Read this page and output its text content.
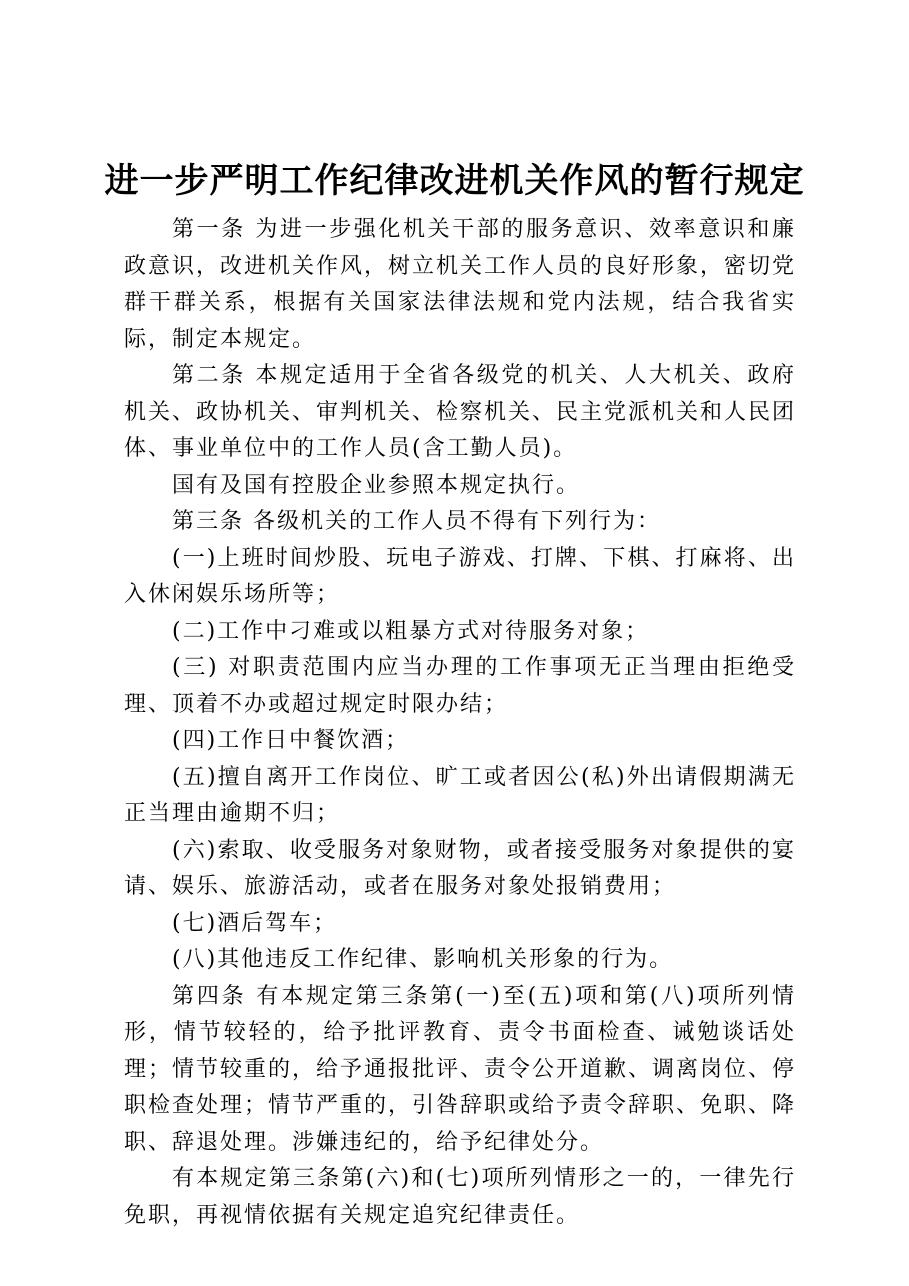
进一步严明工作纪律改进机关作风的暂行规定

第一条 为进一步强化机关干部的服务意识、效率意识和廉政意识，改进机关作风，树立机关工作人员的良好形象，密切党群干群关系，根据有关国家法律法规和党内法规，结合我省实际，制定本规定。

第二条 本规定适用于全省各级党的机关、人大机关、政府机关、政协机关、审判机关、检察机关、民主党派机关和人民团体、事业单位中的工作人员(含工勤人员)。

国有及国有控股企业参照本规定执行。

第三条 各级机关的工作人员不得有下列行为：

(一)上班时间炒股、玩电子游戏、打牌、下棋、打麻将、出入休闲娱乐场所等；

(二)工作中刁难或以粗暴方式对待服务对象；

(三) 对职责范围内应当办理的工作事项无正当理由拒绝受理、顶着不办或超过规定时限办结；

(四)工作日中餐饮酒；

(五)擅自离开工作岗位、旷工或者因公(私)外出请假期满无正当理由逾期不归；

(六)索取、收受服务对象财物，或者接受服务对象提供的宴请、娱乐、旅游活动，或者在服务对象处报销费用；

(七)酒后驾车；

(八)其他违反工作纪律、影响机关形象的行为。

第四条 有本规定第三条第(一)至(五)项和第(八)项所列情形，情节较轻的，给予批评教育、责令书面检查、诫勉谈话处理；情节较重的，给予通报批评、责令公开道歉、调离岗位、停职检查处理；情节严重的，引咎辞职或给予责令辞职、免职、降职、辞退处理。涉嫌违纪的，给予纪律处分。

有本规定第三条第(六)和(七)项所列情形之一的，一律先行免职，再视情依据有关规定追究纪律责任。
